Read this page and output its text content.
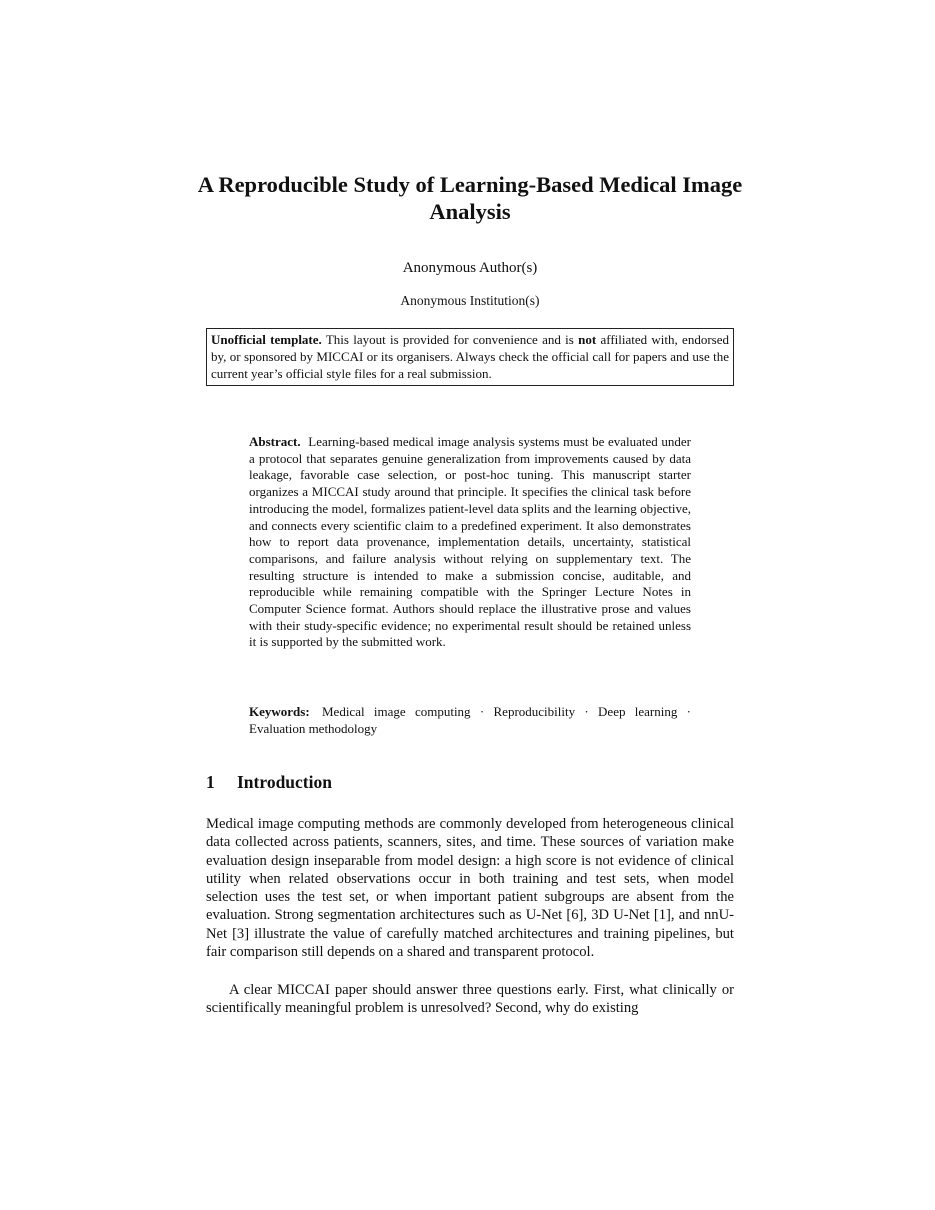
A Reproducible Study of Learning-Based Medical Image Analysis
Anonymous Author(s)
Anonymous Institution(s)
Unofficial template. This layout is provided for convenience and is not affiliated with, endorsed by, or sponsored by MICCAI or its organisers. Always check the official call for papers and use the current year’s official style files for a real submission.

Abstract. Learning-based medical image analysis systems must be evaluated under a protocol that separates genuine generalization from improvements caused by data leakage, favorable case selection, or post-hoc tuning. This manuscript starter organizes a MICCAI study around that principle. It specifies the clinical task before introducing the model, formalizes patient-level data splits and the learning objective, and connects every scientific claim to a predefined experiment. It also demonstrates how to report data provenance, implementation details, uncertainty, statistical comparisons, and failure analysis without relying on supplementary text. The resulting structure is intended to make a submission concise, auditable, and reproducible while remaining compatible with the Springer Lecture Notes in Computer Science format. Authors should replace the illustrative prose and values with their study-specific evidence; no experimental result should be retained unless it is supported by the submitted work.

Keywords: Medical image computing · Reproducibility · Deep learning · Evaluation methodology

1 Introduction

Medical image computing methods are commonly developed from heterogeneous clinical data collected across patients, scanners, sites, and time. These sources of variation make evaluation design inseparable from model design: a high score is not evidence of clinical utility when related observations occur in both training and test sets, when model selection uses the test set, or when important patient subgroups are absent from the evaluation. Strong segmentation architectures such as U-Net [6], 3D U-Net [1], and nnU-Net [3] illustrate the value of carefully matched architectures and training pipelines, but fair comparison still depends on a shared and transparent protocol.

A clear MICCAI paper should answer three questions early. First, what clinically or scientifically meaningful problem is unresolved? Second, why do existing
